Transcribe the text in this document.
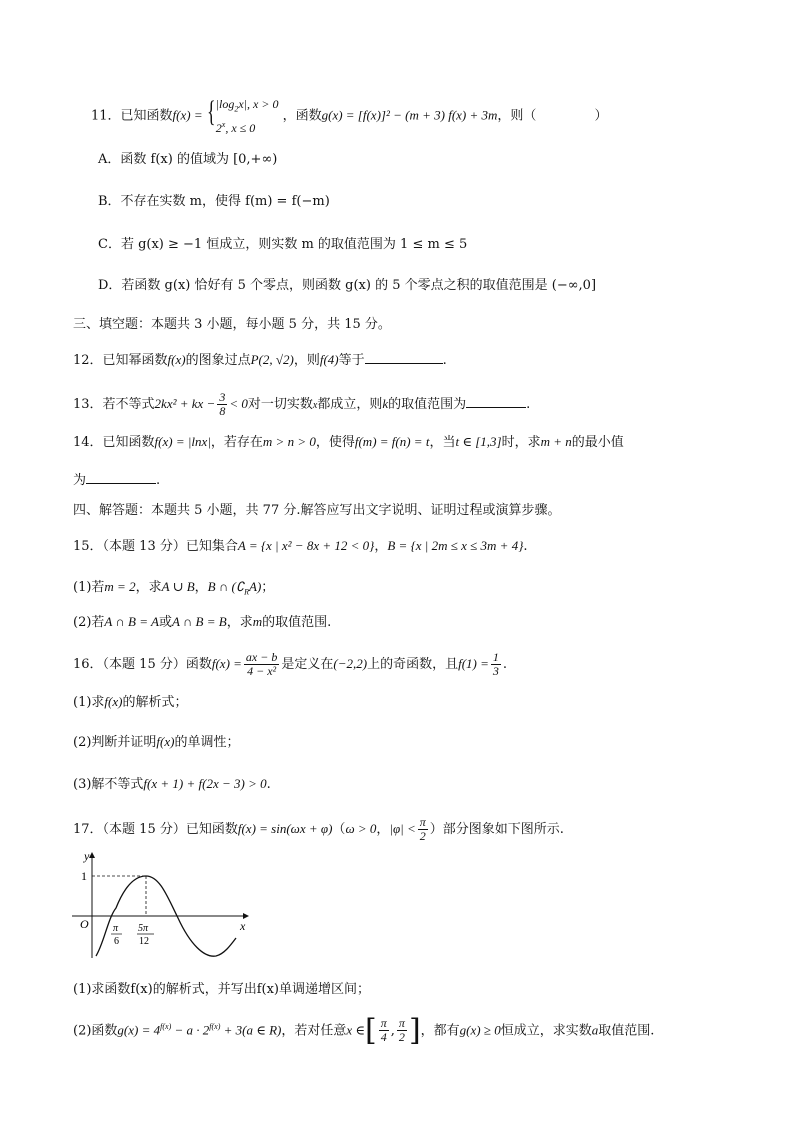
11．已知函数f(x) = { $|\log_2x|$, x > 0
2$^x$, x ≤ 0
，函数g(x) = [f(x)]² − (m + 3) f(x) + 3m，则（	）
A．函数 f(x) 的值域为 [0,+∞)
B．不存在实数 m，使得 f(m) = f(−m)
C．若 g(x) ≥ −1 恒成立，则实数 m 的取值范围为 1 ≤ m ≤ 5
D．若函数 g(x) 恰好有 5 个零点，则函数 g(x) 的 5 个零点之积的取值范围是 (−∞,0]
三、填空题：本题共 3 小题，每小题 5 分，共 15 分。
12．已知幂函数f(x)的图象过点P(2, √2)，则f(4)等于	.
13．若不等式2kx² + kx − $\frac{3}{8} < 0$对一切实数x都成立，则k的取值范围为	.
14．已知函数f(x) = |lnx|，若存在m > n > 0，使得f(m) = f(n) = t，当t ∈ [1,3]时，求m + n的最小值
为	.
四、解答题：本题共 5 小题，共 77 分.解答应写出文字说明、证明过程或演算步骤。
15．（本题 13 分）已知集合A = {x | x² − 8x + 12 < 0}，B = {x | 2m ≤ x ≤ 3m + 4}.
(1)若m = 2，求A ∪ B，B ∩ $(∁_RA)$；
(2)若A ∩ B = A或A ∩ B = B，求m的取值范围.
16．（本题 15 分）函数$f(x) = \frac{ax - b}{\text{4 − x²}}$ 是定义在(−2,2)上的奇函数，且$f(1) = \frac{1}{3}$ .
(1)求f(x)的解析式；
(2)判断并证明f(x)的单调性；
(3)解不等式f(x + 1) + f(2x − 3) > 0.
17．（本题 15 分）已知函数f(x) = sin(ωx + φ)（ω > 0，$|\varphi| < \frac{\pi}{2}$ ）部分图象如下图所示.
y
x
O
1
π
6
5π
12
(1)求函数f(x)的解析式，并写出f(x)单调递增区间；
(2)函数$g(x) = 4^{f(x)} - a \cdot 2^{f(x)} + 3(a$ ∈ R)，若对任意x ∈[ $\frac{\pi}{4}$ , $\frac{\pi}{2}$ ]，都有g(x) ≥ 0恒成立，求实数a取值范围.
